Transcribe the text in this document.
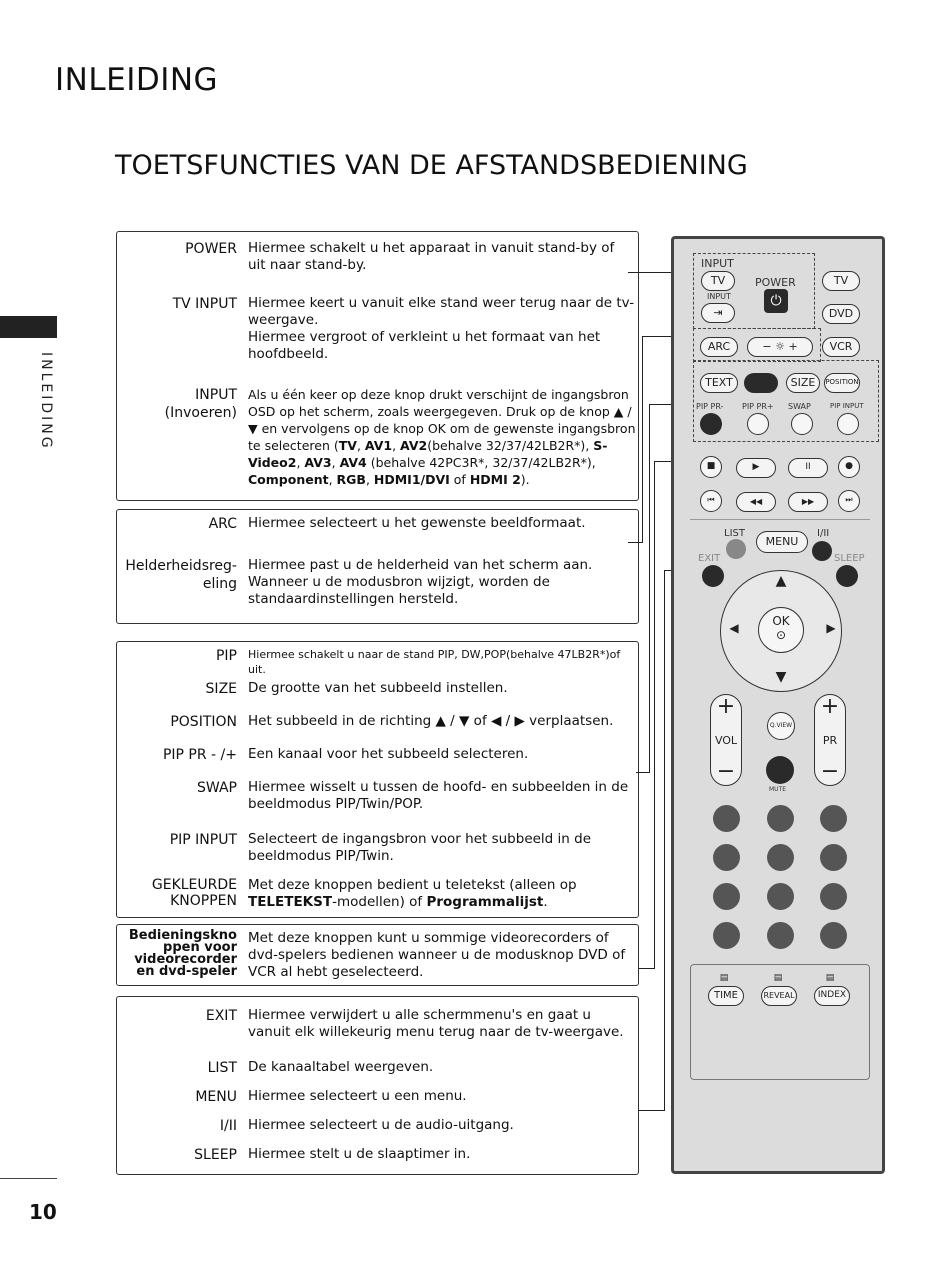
INLEIDING
TOETSFUNCTIES VAN DE AFSTANDSBEDIENING
INLEIDING
10
POWER Hiermee schakelt u het apparaat in vanuit stand-by of uit naar stand-by.
TV INPUT Hiermee keert u vanuit elke stand weer terug naar de tv-weergave.
Hiermee vergroot of verkleint u het formaat van het hoofdbeeld.
INPUT
(Invoeren)
Als u één keer op deze knop drukt verschijnt de ingangsbron OSD op het scherm, zoals weergegeven. Druk op de knop ▲ / ▼ en vervolgens op de knop OK om de gewenste ingangsbron te selecteren (TV, AV1, AV2(behalve 32/37/42LB2R*), S-Video2, AV3, AV4 (behalve 42PC3R*, 32/37/42LB2R*), Component, RGB, HDMI1/DVI of HDMI 2).
ARC Hiermee selecteert u het gewenste beeldformaat.
Helderheidsreg-
eling
Hiermee past u de helderheid van het scherm aan.
Wanneer u de modusbron wijzigt, worden de standaardinstellingen hersteld.
PIP Hiermee schakelt u naar de stand PIP, DW,POP(behalve 47LB2R*)of uit.
SIZE De grootte van het subbeeld instellen.
POSITION Het subbeeld in de richting ▲ / ▼ of ◀ / ▶ verplaatsen.
PIP PR - /+ Een kanaal voor het subbeeld selecteren.
SWAP Hiermee wisselt u tussen de hoofd- en subbeelden in de beeldmodus PIP/Twin/POP.
PIP INPUT Selecteert de ingangsbron voor het subbeeld in de beeldmodus PIP/Twin.
GEKLEURDE
KNOPPEN
Met deze knoppen bedient u teletekst (alleen op TELETEKST-modellen) of Programmalijst.
Bedieningskno
ppen voor
videorecorder
en dvd-speler
Met deze knoppen kunt u sommige videorecorders of dvd-spelers bedienen wanneer u de modusknop DVD of VCR al hebt geselecteerd.
EXIT Hiermee verwijdert u alle schermmenu's en gaat u vanuit elk willekeurig menu terug naar de tv-weergave.
LIST De kanaaltabel weergeven.
MENU Hiermee selecteert u een menu.
I/II Hiermee selecteert u de audio-uitgang.
SLEEP Hiermee stelt u de slaaptimer in.
INPUT
TV	POWER
⏻
TV
INPUT
⇥	DVD
ARC	− ☼ +	VCR
TEXT	SIZE	POSITION
PIP PR- PIP PR+ SWAP	PIP INPUT
■	▶	II	●
⏮	◀◀	▶▶	⏭
LIST
MENU
I/II
EXIT	SLEEP
▲
▼
◀	▶
OK
⊙
+
VOL
−
+
PR
−
Q.VIEW
MUTE
▤	▤	▤
TIME	REVEAL	INDEX
